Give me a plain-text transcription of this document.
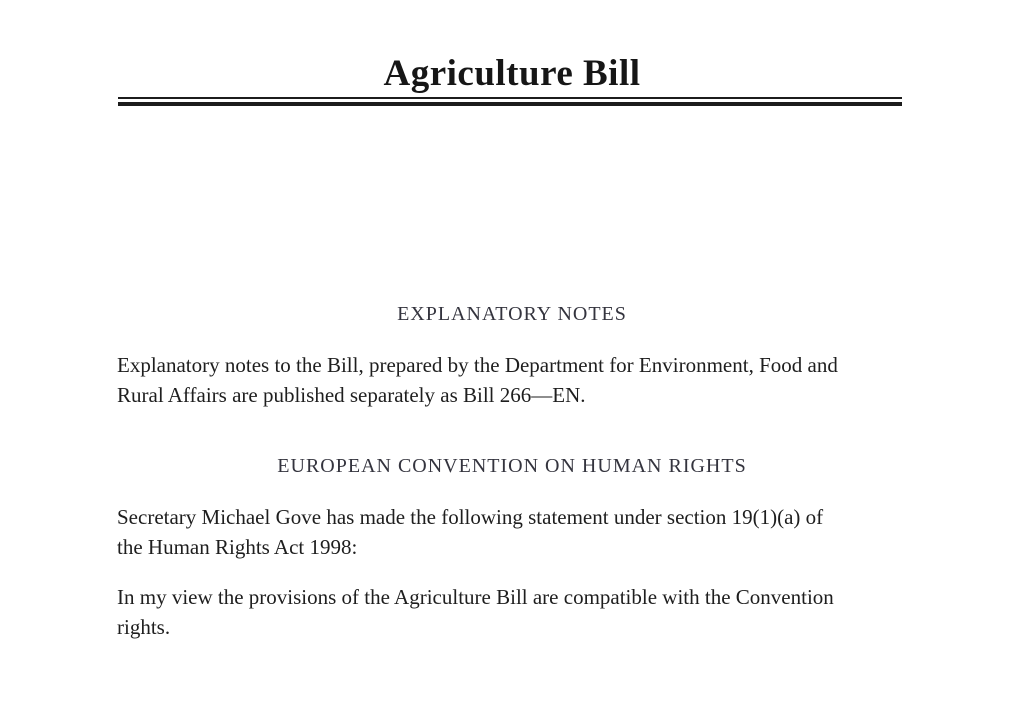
Agriculture Bill
EXPLANATORY NOTES
Explanatory notes to the Bill, prepared by the Department for Environment, Food and
Rural Affairs are published separately as Bill 266—EN.
EUROPEAN CONVENTION ON HUMAN RIGHTS
Secretary Michael Gove has made the following statement under section 19(1)(a) of
the Human Rights Act 1998:
In my view the provisions of the Agriculture Bill are compatible with the Convention
rights.
